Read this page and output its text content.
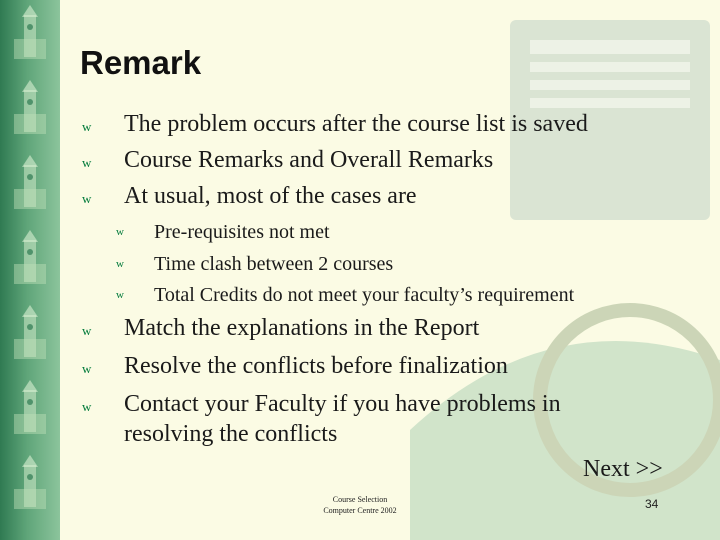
Remark
w The problem occurs after the course list is saved
w Course Remarks and Overall Remarks
w At usual, most of the cases are
w Pre-requisites not met
w Time clash between 2 courses
w Total Credits do not meet your faculty’s requirement
w Match the explanations in the Report
w Resolve the conflicts before finalization
w Contact your Faculty if you have problems in
resolving the conflicts
Next >>
Course Selection
Computer Centre 2002	34
